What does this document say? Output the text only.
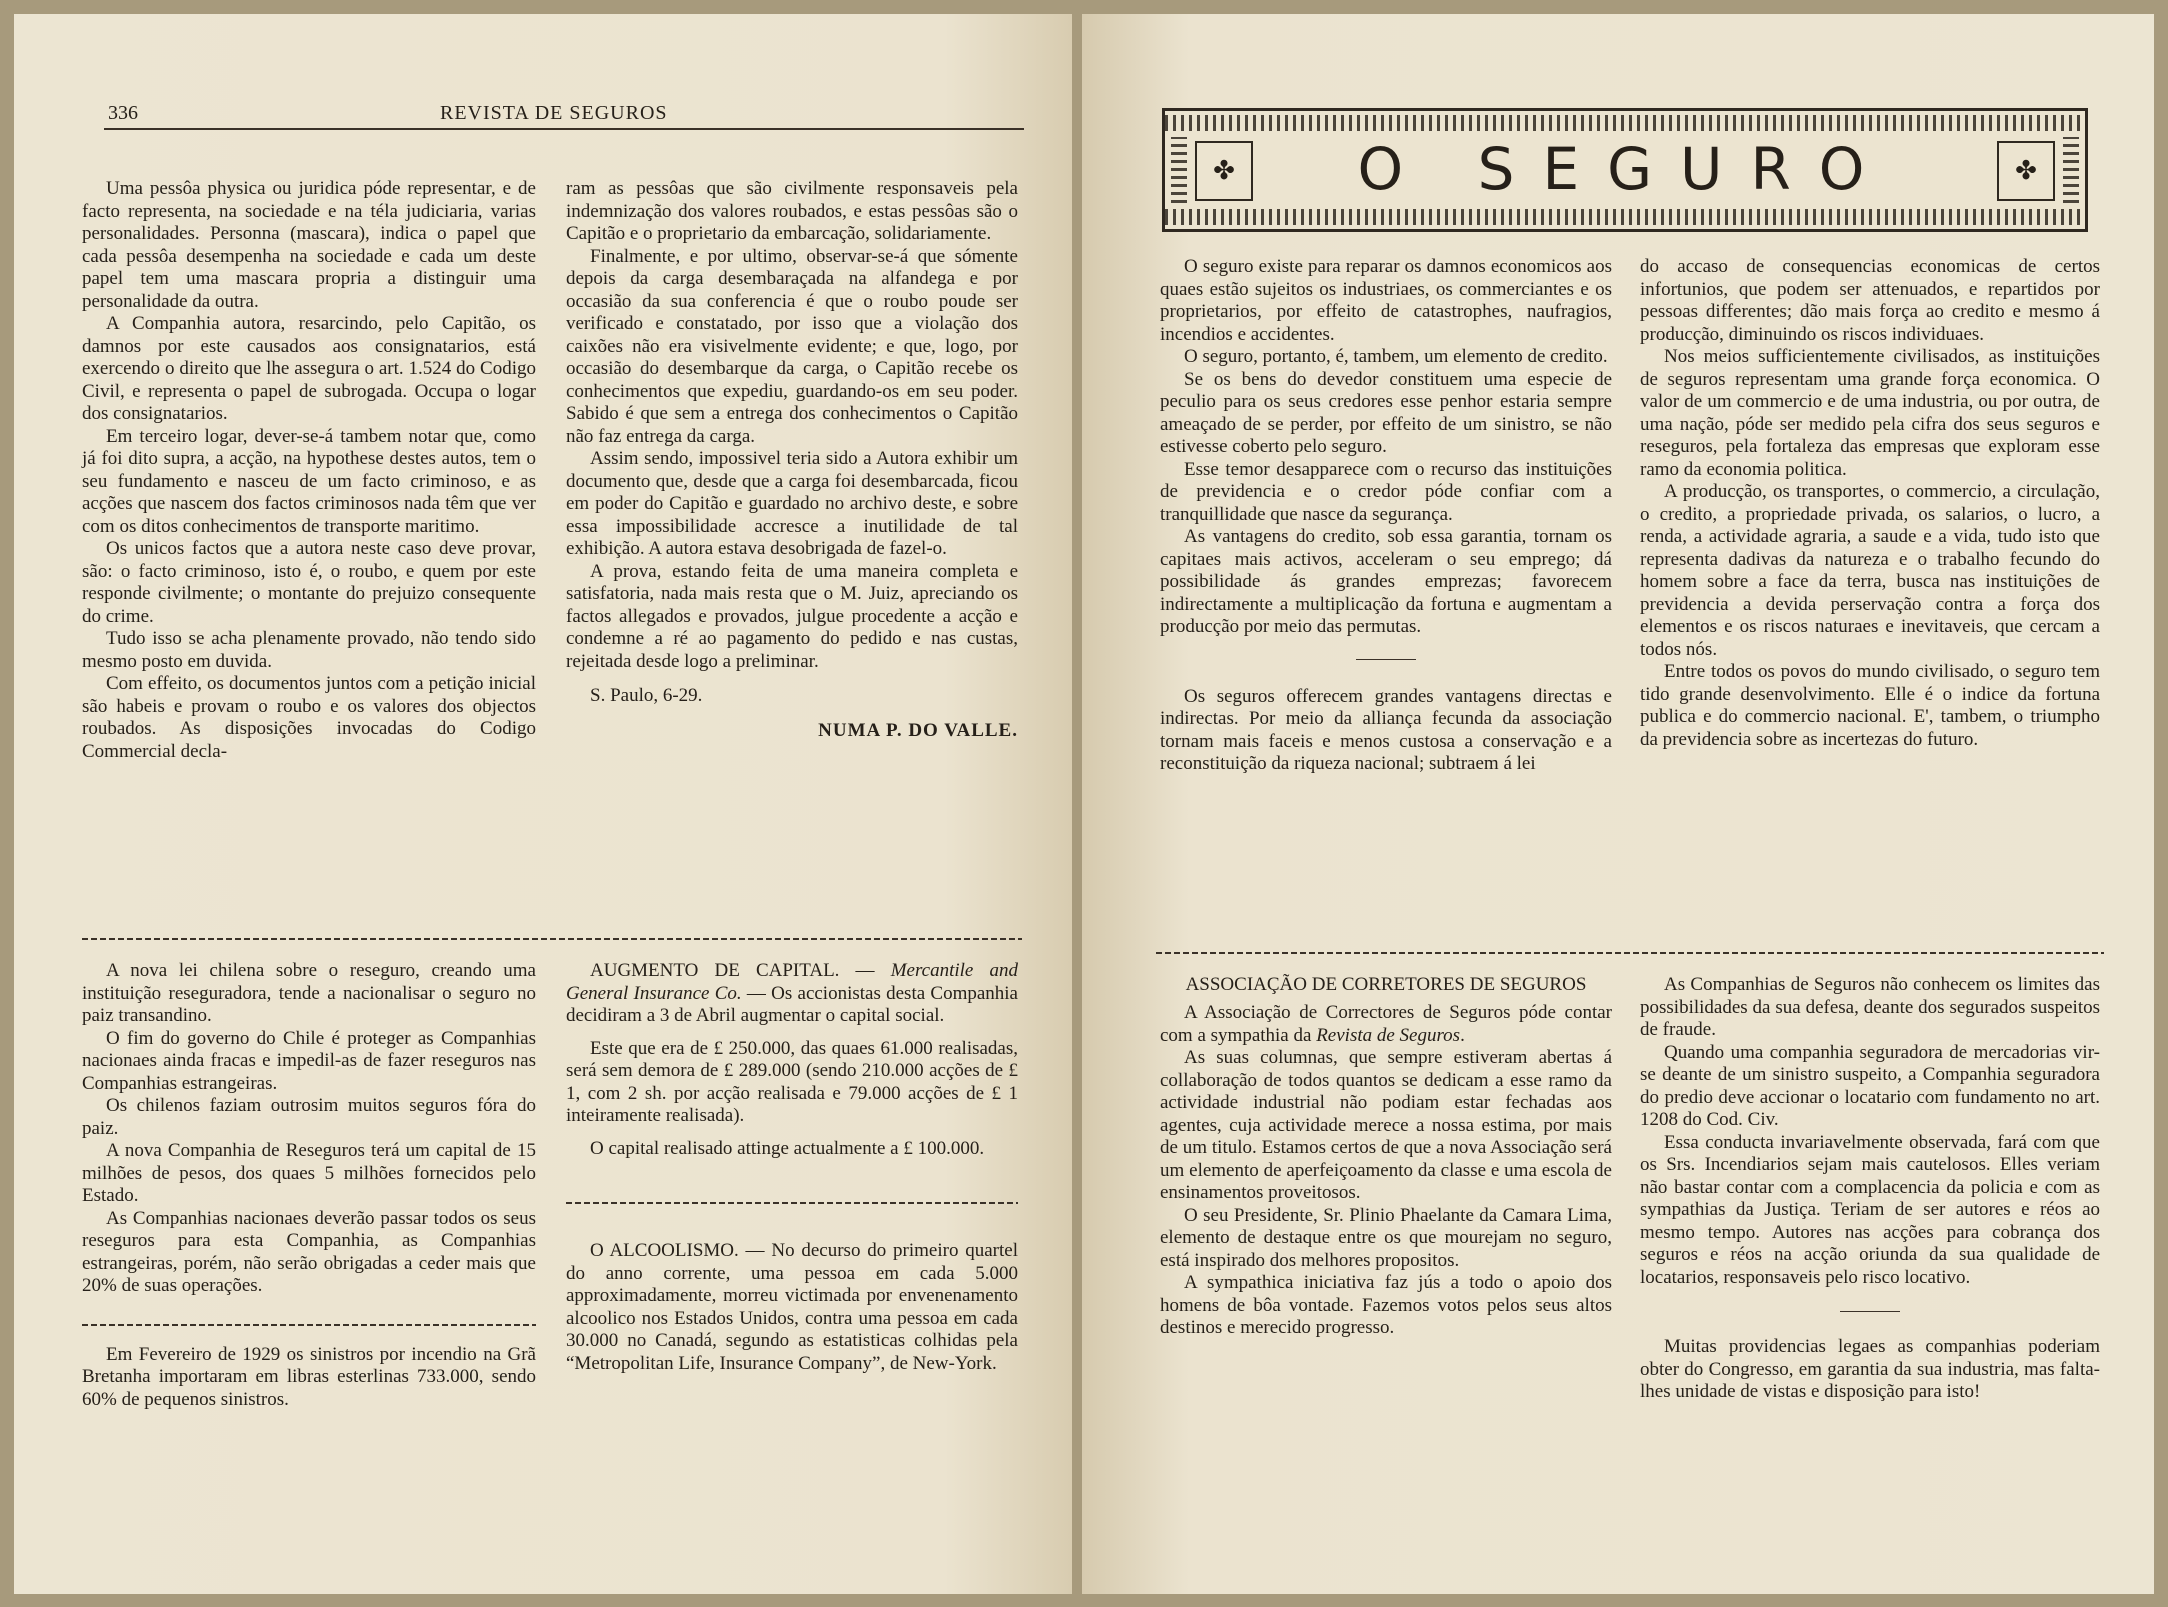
336	REVISTA DE SEGUROS

Uma pessôa physica ou juridica póde representar, e de facto representa, na sociedade e na téla judiciaria, varias personalidades. Personna (mascara), indica o papel que cada pessôa desempenha na sociedade e cada um deste papel tem uma mascara propria a distinguir uma personalidade da outra.

A Companhia autora, resarcindo, pelo Capitão, os damnos por este causados aos consignatarios, está exercendo o direito que lhe assegura o art. 1.524 do Codigo Civil, e representa o papel de subrogada. Occupa o logar dos consignatarios.

Em terceiro logar, dever-se-á tambem notar que, como já foi dito supra, a acção, na hypothese destes autos, tem o seu fundamento e nasceu de um facto criminoso, e as acções que nascem dos factos criminosos nada têm que ver com os ditos conhecimentos de transporte maritimo.

Os unicos factos que a autora neste caso deve provar, são: o facto criminoso, isto é, o roubo, e quem por este responde civilmente; o montante do prejuizo consequente do crime.

Tudo isso se acha plenamente provado, não tendo sido mesmo posto em duvida.

Com effeito, os documentos juntos com a petição inicial são habeis e provam o roubo e os valores dos objectos roubados. As disposições invocadas do Codigo Commercial decla-

ram as pessôas que são civilmente responsaveis pela indemnização dos valores roubados, e estas pessôas são o Capitão e o proprietario da embarcação, solidariamente.

Finalmente, e por ultimo, observar-se-á que sómente depois da carga desembaraçada na alfandega e por occasião da sua conferencia é que o roubo poude ser verificado e constatado, por isso que a violação dos caixões não era visivelmente evidente; e que, logo, por occasião do desembarque da carga, o Capitão recebe os conhecimentos que expediu, guardando-os em seu poder. Sabido é que sem a entrega dos conhecimentos o Capitão não faz entrega da carga.

Assim sendo, impossivel teria sido a Autora exhibir um documento que, desde que a carga foi desembarcada, ficou em poder do Capitão e guardado no archivo deste, e sobre essa impossibilidade accresce a inutilidade de tal exhibição. A autora estava desobrigada de fazel-o.

A prova, estando feita de uma maneira completa e satisfatoria, nada mais resta que o M. Juiz, apreciando os factos allegados e provados, julgue procedente a acção e condemne a ré ao pagamento do pedido e nas custas, rejeitada desde logo a preliminar.

S. Paulo, 6-29.

NUMA P. DO VALLE.

A nova lei chilena sobre o reseguro, creando uma instituição reseguradora, tende a nacionalisar o seguro no paiz transandino.

O fim do governo do Chile é proteger as Companhias nacionaes ainda fracas e impedil-as de fazer reseguros nas Companhias estrangeiras.

Os chilenos faziam outrosim muitos seguros fóra do paiz.

A nova Companhia de Reseguros terá um capital de 15 milhões de pesos, dos quaes 5 milhões fornecidos pelo Estado.

As Companhias nacionaes deverão passar todos os seus reseguros para esta Companhia, as Companhias estrangeiras, porém, não serão obrigadas a ceder mais que 20% de suas operações.

Em Fevereiro de 1929 os sinistros por incendio na Grã Bretanha importaram em libras esterlinas 733.000, sendo 60% de pequenos sinistros.

AUGMENTO DE CAPITAL. — Mercantile and General Insurance Co. — Os accionistas desta Companhia decidiram a 3 de Abril augmentar o capital social.

Este que era de £ 250.000, das quaes 61.000 realisadas, será sem demora de £ 289.000 (sendo 210.000 acções de £ 1, com 2 sh. por acção realisada e 79.000 acções de £ 1 inteiramente realisada).

O capital realisado attinge actualmente a £ 100.000.

O ALCOOLISMO. — No decurso do primeiro quartel do anno corrente, uma pessoa em cada 5.000 approximadamente, morreu victimada por envenenamento alcoolico nos Estados Unidos, contra uma pessoa em cada 30.000 no Canadá, segundo as estatisticas colhidas pela “Metropolitan Life, Insurance Company”, de New-York.

✤	✤
O SEGURO

O seguro existe para reparar os damnos economicos aos quaes estão sujeitos os industriaes, os commerciantes e os proprietarios, por effeito de catastrophes, naufragios, incendios e accidentes.

O seguro, portanto, é, tambem, um elemento de credito.

Se os bens do devedor constituem uma especie de peculio para os seus credores esse penhor estaria sempre ameaçado de se perder, por effeito de um sinistro, se não estivesse coberto pelo seguro.

Esse temor desapparece com o recurso das instituições de previdencia e o credor póde confiar com a tranquillidade que nasce da segurança.

As vantagens do credito, sob essa garantia, tornam os capitaes mais activos, acceleram o seu emprego; dá possibilidade ás grandes emprezas; favorecem indirectamente a multiplicação da fortuna e augmentam a producção por meio das permutas.

Os seguros offerecem grandes vantagens directas e indirectas. Por meio da alliança fecunda da associação tornam mais faceis e menos custosa a conservação e a reconstituição da riqueza nacional; subtraem á lei

do accaso de consequencias economicas de certos infortunios, que podem ser attenuados, e repartidos por pessoas differentes; dão mais força ao credito e mesmo á producção, diminuindo os riscos individuaes.

Nos meios sufficientemente civilisados, as instituições de seguros representam uma grande força economica. O valor de um commercio e de uma industria, ou por outra, de uma nação, póde ser medido pela cifra dos seus seguros e reseguros, pela fortaleza das empresas que exploram esse ramo da economia politica.

A producção, os transportes, o commercio, a circulação, o credito, a propriedade privada, os salarios, o lucro, a renda, a actividade agraria, a saude e a vida, tudo isto que representa dadivas da natureza e o trabalho fecundo do homem sobre a face da terra, busca nas instituições de previdencia a devida perservação contra a força dos elementos e os riscos naturaes e inevitaveis, que cercam a todos nós.

Entre todos os povos do mundo civilisado, o seguro tem tido grande desenvolvimento. Elle é o indice da fortuna publica e do commercio nacional. E', tambem, o triumpho da previdencia sobre as incertezas do futuro.

ASSOCIAÇÃO DE CORRETORES DE SEGUROS

A Associação de Correctores de Seguros póde contar com a sympathia da Revista de Seguros.

As suas columnas, que sempre estiveram abertas á collaboração de todos quantos se dedicam a esse ramo da actividade industrial não podiam estar fechadas aos agentes, cuja actividade merece a nossa estima, por mais de um titulo. Estamos certos de que a nova Associação será um elemento de aperfeiçoamento da classe e uma escola de ensinamentos proveitosos.

O seu Presidente, Sr. Plinio Phaelante da Camara Lima, elemento de destaque entre os que mourejam no seguro, está inspirado dos melhores propositos.

A sympathica iniciativa faz jús a todo o apoio dos homens de bôa vontade. Fazemos votos pelos seus altos destinos e merecido progresso.

As Companhias de Seguros não conhecem os limites das possibilidades da sua defesa, deante dos segurados suspeitos de fraude.

Quando uma companhia seguradora de mercadorias vir-se deante de um sinistro suspeito, a Companhia seguradora do predio deve accionar o locatario com fundamento no art. 1208 do Cod. Civ.

Essa conducta invariavelmente observada, fará com que os Srs. Incendiarios sejam mais cautelosos. Elles veriam não bastar contar com a complacencia da policia e com as sympathias da Justiça. Teriam de ser autores e réos ao mesmo tempo. Autores nas acções para cobrança dos seguros e réos na acção oriunda da sua qualidade de locatarios, responsaveis pelo risco locativo.

Muitas providencias legaes as companhias poderiam obter do Congresso, em garantia da sua industria, mas falta-lhes unidade de vistas e disposição para isto!
